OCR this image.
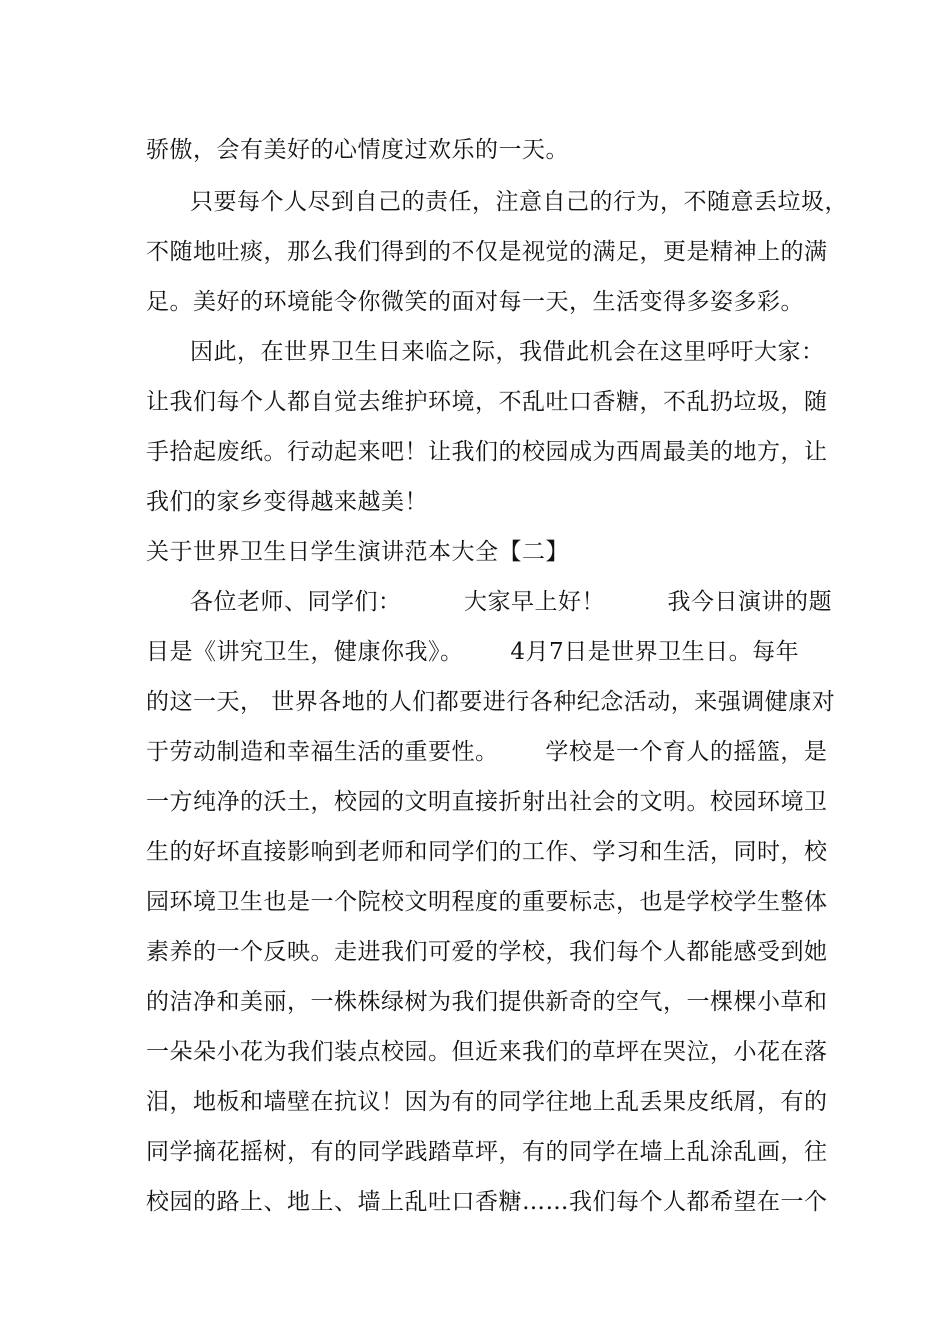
骄傲，会有美好的心情度过欢乐的一天。
只要每个人尽到自己的责任，注意自己的行为，不随意丢垃圾，
不随地吐痰，那么我们得到的不仅是视觉的满足，更是精神上的满
足。美好的环境能令你微笑的面对每一天，生活变得多姿多彩。
因此，在世界卫生日来临之际，我借此机会在这里呼吁大家：
让我们每个人都自觉去维护环境，不乱吐口香糖，不乱扔垃圾，随
手拾起废纸。行动起来吧！让我们的校园成为西周最美的地方，让
我们的家乡变得越来越美！
关于世界卫生日学生演讲范本大全【二】
各位老师、同学们：        大家早上好！        我今日演讲的题
目是《讲究卫生，健康你我》。      4月7日是世界卫生日。每年
的这一天， 世界各地的人们都要进行各种纪念活动，来强调健康对
于劳动制造和幸福生活的重要性。      学校是一个育人的摇篮，是
一方纯净的沃土，校园的文明直接折射出社会的文明。校园环境卫
生的好坏直接影响到老师和同学们的工作、学习和生活，同时，校
园环境卫生也是一个院校文明程度的重要标志，也是学校学生整体
素养的一个反映。走进我们可爱的学校，我们每个人都能感受到她
的洁净和美丽，一株株绿树为我们提供新奇的空气，一棵棵小草和
一朵朵小花为我们装点校园。但近来我们的草坪在哭泣，小花在落
泪，地板和墙壁在抗议！因为有的同学往地上乱丢果皮纸屑，有的
同学摘花摇树，有的同学践踏草坪，有的同学在墙上乱涂乱画，往
校园的路上、地上、墙上乱吐口香糖……我们每个人都希望在一个
